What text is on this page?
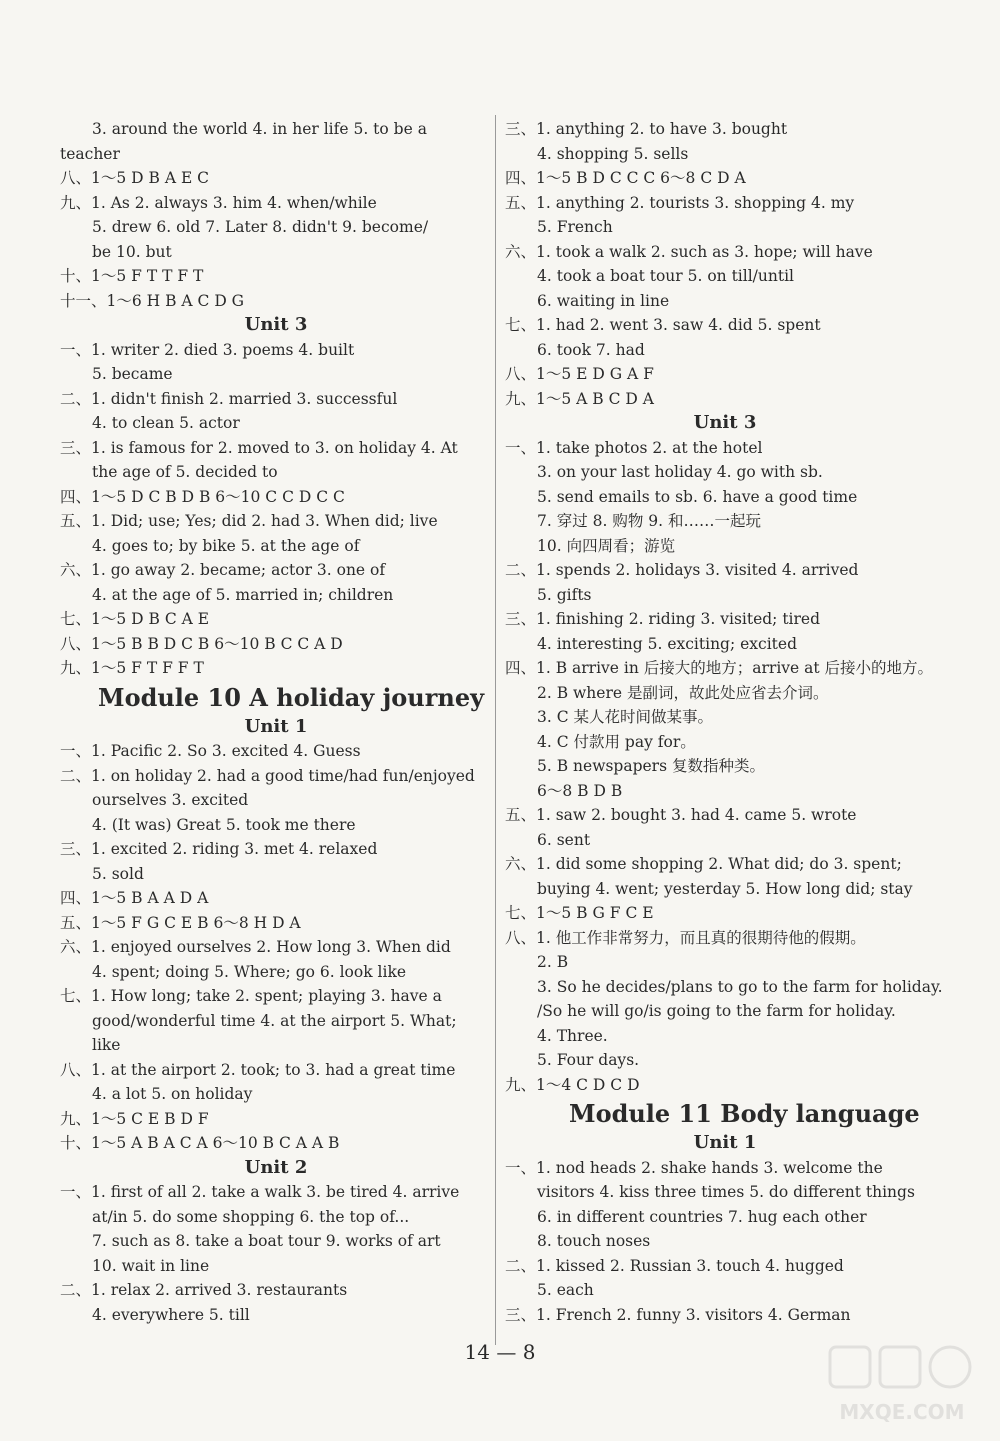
3. around the world 4. in her life 5. to be a
teacher
八、1～5 D B A E C
九、1. As 2. always 3. him 4. when/while
5. drew 6. old 7. Later 8. didn't 9. become/
be 10. but
十、1～5 F T T F T
十一、1～6 H B A C D G
Unit 3
一、1. writer 2. died 3. poems 4. built
5. became
二、1. didn't finish 2. married 3. successful
4. to clean 5. actor
三、1. is famous for 2. moved to 3. on holiday 4. At
the age of 5. decided to
四、1～5 D C B D B 6～10 C C D C C
五、1. Did; use; Yes; did 2. had 3. When did; live
4. goes to; by bike 5. at the age of
六、1. go away 2. became; actor 3. one of
4. at the age of 5. married in; children
七、1～5 D B C A E
八、1～5 B B D C B 6～10 B C C A D
九、1～5 F T F F T
Module 10 A holiday journey
Unit 1
一、1. Pacific 2. So 3. excited 4. Guess
二、1. on holiday 2. had a good time/had fun/enjoyed
ourselves 3. excited
4. (It was) Great 5. took me there
三、1. excited 2. riding 3. met 4. relaxed
5. sold
四、1～5 B A A D A
五、1～5 F G C E B 6～8 H D A
六、1. enjoyed ourselves 2. How long 3. When did
4. spent; doing 5. Where; go 6. look like
七、1. How long; take 2. spent; playing 3. have a
good/wonderful time 4. at the airport 5. What;
like
八、1. at the airport 2. took; to 3. had a great time
4. a lot 5. on holiday
九、1～5 C E B D F
十、1～5 A B A C A 6～10 B C A A B
Unit 2
一、1. first of all 2. take a walk 3. be tired 4. arrive
at/in 5. do some shopping 6. the top of...
7. such as 8. take a boat tour 9. works of art
10. wait in line
二、1. relax 2. arrived 3. restaurants
4. everywhere 5. till
三、1. anything 2. to have 3. bought
4. shopping 5. sells
四、1～5 B D C C C 6～8 C D A
五、1. anything 2. tourists 3. shopping 4. my
5. French
六、1. took a walk 2. such as 3. hope; will have
4. took a boat tour 5. on till/until
6. waiting in line
七、1. had 2. went 3. saw 4. did 5. spent
6. took 7. had
八、1～5 E D G A F
九、1～5 A B C D A
Unit 3
一、1. take photos 2. at the hotel
3. on your last holiday 4. go with sb.
5. send emails to sb. 6. have a good time
7. 穿过 8. 购物 9. 和……一起玩
10. 向四周看；游览
二、1. spends 2. holidays 3. visited 4. arrived
5. gifts
三、1. finishing 2. riding 3. visited; tired
4. interesting 5. exciting; excited
四、1. B arrive in 后接大的地方；arrive at 后接小的地方。
2. B where 是副词，故此处应省去介词。
3. C 某人花时间做某事。
4. C 付款用 pay for。
5. B newspapers 复数指种类。
6～8 B D B
五、1. saw 2. bought 3. had 4. came 5. wrote
6. sent
六、1. did some shopping 2. What did; do 3. spent;
buying 4. went; yesterday 5. How long did; stay
七、1～5 B G F C E
八、1. 他工作非常努力，而且真的很期待他的假期。
2. B
3. So he decides/plans to go to the farm for holiday.
/So he will go/is going to the farm for holiday.
4. Three.
5. Four days.
九、1～4 C D C D
Module 11 Body language
Unit 1
一、1. nod heads 2. shake hands 3. welcome the
visitors 4. kiss three times 5. do different things
6. in different countries 7. hug each other
8. touch noses
二、1. kissed 2. Russian 3. touch 4. hugged
5. each
三、1. French 2. funny 3. visitors 4. German
14 — 8
MXQE.COM
